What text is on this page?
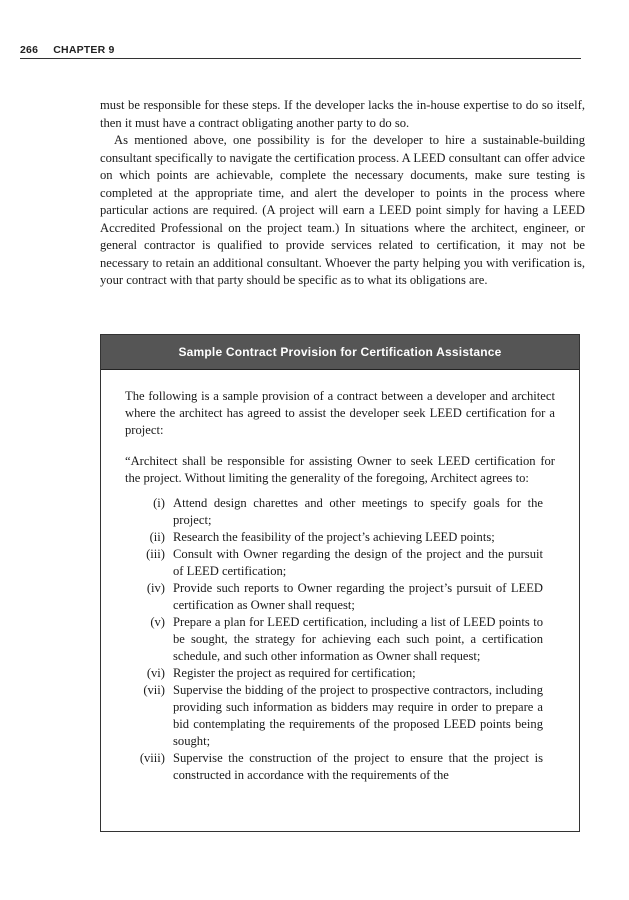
266 CHAPTER 9

must be responsible for these steps. If the developer lacks the in-house expertise to do so itself, then it must have a contract obligating another party to do so.

As mentioned above, one possibility is for the developer to hire a sustainable-building consultant specifically to navigate the certification process. A LEED consultant can offer advice on which points are achievable, complete the necessary documents, make sure testing is completed at the appropriate time, and alert the developer to points in the process where particular actions are required. (A project will earn a LEED point simply for having a LEED Accredited Professional on the project team.) In situations where the architect, engineer, or general contractor is qualified to provide services related to certification, it may not be necessary to retain an additional consultant. Whoever the party helping you with verification is, your contract with that party should be specific as to what its obligations are.

Sample Contract Provision for Certification Assistance

The following is a sample provision of a contract between a developer and architect where the architect has agreed to assist the developer seek LEED certification for a project:

“Architect shall be responsible for assisting Owner to seek LEED certification for the project. Without limiting the generality of the foregoing, Architect agrees to:

(i) Attend design charettes and other meetings to specify goals for the project;
(ii) Research the feasibility of the project’s achieving LEED points;
(iii) Consult with Owner regarding the design of the project and the pursuit of LEED certification;
(iv) Provide such reports to Owner regarding the project’s pursuit of LEED certification as Owner shall request;
(v) Prepare a plan for LEED certification, including a list of LEED points to be sought, the strategy for achieving each such point, a certification schedule, and such other information as Owner shall request;
(vi) Register the project as required for certification;
(vii) Supervise the bidding of the project to prospective contractors, including providing such information as bidders may require in order to prepare a bid contemplating the requirements of the proposed LEED points being sought;
(viii) Supervise the construction of the project to ensure that the project is constructed in accordance with the requirements of the
